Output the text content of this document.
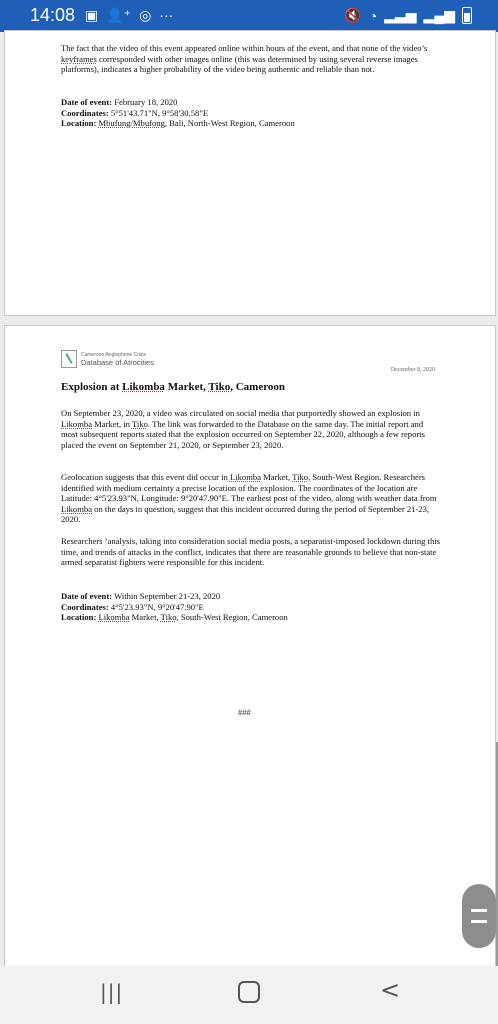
14:08 ▣ 👤⁺ ◎ ···	🔇 ◔ ▂▃▅ ▂▄▆

The fact that the video of this event appeared online within hours of the event, and that none of the video’s keyframes corresponded with other images online (this was determined by using several reverse images platforms), indicates a higher probability of the video being authentic and reliable than not.

Date of event: February 18, 2020
Coordinates: 5°51'43.71"N, 9°58'30.58"E
Location: Mbufung/Mbufong, Bali, North-West Region, Cameroon

Cameroon Anglophone Crisis
Database of Atrocities
December 8, 2020
Explosion at Likomba Market, Tiko, Cameroon

On September 23, 2020, a video was circulated on social media that purportedly showed an explosion in Likomba Market, in Tiko. The link was forwarded to the Database on the same day. The initial report and most subsequent reports stated that the explosion occurred on September 22, 2020, although a few reports placed the event on September 21, 2020, or September 23, 2020.

Geolocation suggests that this event did occur in Likomba Market, Tiko, South-West Region. Researchers identified with medium certainty a precise location of the explosion. The coordinates of the location are Latitude: 4°5'23.93"N, Longitude: 9°20'47.90"E. The earliest post of the video, along with weather data from Likomba on the days in question, suggest that this incident occurred during the period of September 21-23, 2020.

Researchers ’analysis, taking into consideration social media posts, a separatist-imposed lockdown during this time, and trends of attacks in the conflict, indicates that there are reasonable grounds to believe that non-state armed separatist fighters were responsible for this incident.

Date of event: Within September 21-23, 2020
Coordinates: 4°5'23.93"N, 9°20'47.90"E
Location: Likomba Market, Tiko, South-West Region, Cameroon

###
|||	<
